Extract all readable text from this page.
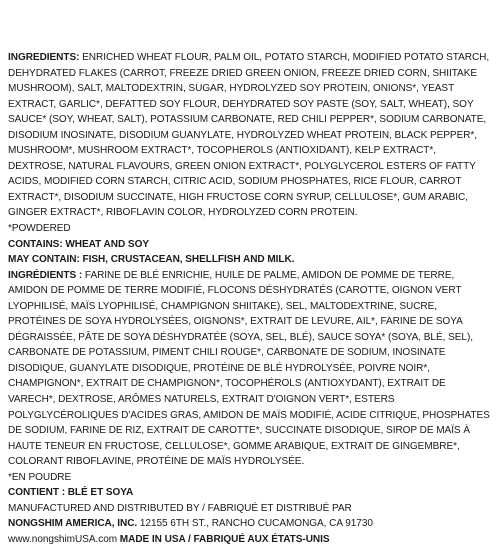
INGREDIENTS: ENRICHED WHEAT FLOUR, PALM OIL, POTATO STARCH, MODIFIED POTATO STARCH, DEHYDRATED FLAKES (CARROT, FREEZE DRIED GREEN ONION, FREEZE DRIED CORN, SHIITAKE MUSHROOM), SALT, MALTODEXTRIN, SUGAR, HYDROLYZED SOY PROTEIN, ONIONS*, YEAST EXTRACT, GARLIC*, DEFATTED SOY FLOUR, DEHYDRATED SOY PASTE (SOY, SALT, WHEAT), SOY SAUCE* (SOY, WHEAT, SALT), POTASSIUM CARBONATE, RED CHILI PEPPER*, SODIUM CARBONATE, DISODIUM INOSINATE, DISODIUM GUANYLATE, HYDROLYZED WHEAT PROTEIN, BLACK PEPPER*, MUSHROOM*, MUSHROOM EXTRACT*, TOCOPHEROLS (ANTIOXIDANT), KELP EXTRACT*, DEXTROSE, NATURAL FLAVOURS, GREEN ONION EXTRACT*, POLYGLYCEROL ESTERS OF FATTY ACIDS, MODIFIED CORN STARCH, CITRIC ACID, SODIUM PHOSPHATES, RICE FLOUR, CARROT EXTRACT*, DISODIUM SUCCINATE, HIGH FRUCTOSE CORN SYRUP, CELLULOSE*, GUM ARABIC, GINGER EXTRACT*, RIBOFLAVIN COLOR, HYDROLYZED CORN PROTEIN.

*POWDERED

CONTAINS: WHEAT AND SOY

MAY CONTAIN: FISH, CRUSTACEAN, SHELLFISH AND MILK.

INGRÉDIENTS : FARINE DE BLÉ ENRICHIE, HUILE DE PALME, AMIDON DE POMME DE TERRE, AMIDON DE POMME DE TERRE MODIFIÉ, FLOCONS DÉSHYDRATÉS (CAROTTE, OIGNON VERT LYOPHILISÉ, MAÏS LYOPHILISÉ, CHAMPIGNON SHIITAKE), SEL, MALTODEXTRINE, SUCRE, PROTÉINES DE SOYA HYDROLYSÉES, OIGNONS*, EXTRAIT DE LEVURE, AIL*, FARINE DE SOYA DÉGRAISSÉE, PÂTE DE SOYA DÉSHYDRATÉE (SOYA, SEL, BLÉ), SAUCE SOYA* (SOYA, BLÉ, SEL), CARBONATE DE POTASSIUM, PIMENT CHILI ROUGE*, CARBONATE DE SODIUM, INOSINATE DISODIQUE, GUANYLATE DISODIQUE, PROTÉINE DE BLÉ HYDROLYSÉE, POIVRE NOIR*, CHAMPIGNON*, EXTRAIT DE CHAMPIGNON*, TOCOPHÉROLS (ANTIOXYDANT), EXTRAIT DE VARECH*, DEXTROSE, ARÔMES NATURELS, EXTRAIT D'OIGNON VERT*, ESTERS POLYGLYCÉROLIQUES D'ACIDES GRAS, AMIDON DE MAÏS MODIFIÉ, ACIDE CITRIQUE, PHOSPHATES DE SODIUM, FARINE DE RIZ, EXTRAIT DE CAROTTE*, SUCCINATE DISODIQUE, SIROP DE MAÏS À HAUTE TENEUR EN FRUCTOSE, CELLULOSE*, GOMME ARABIQUE, EXTRAIT DE GINGEMBRE*, COLORANT RIBOFLAVINE, PROTÉINE DE MAÏS HYDROLYSÉE.

*EN POUDRE

CONTIENT : BLÉ ET SOYA

MANUFACTURED AND DISTRIBUTED BY / FABRIQUÉ ET DISTRIBUÉ PAR

NONGSHIM AMERICA, INC. 12155 6TH ST., RANCHO CUCAMONGA, CA 91730

www.nongshimUSA.com MADE IN USA / FABRIQUÉ AUX ÉTATS-UNIS
